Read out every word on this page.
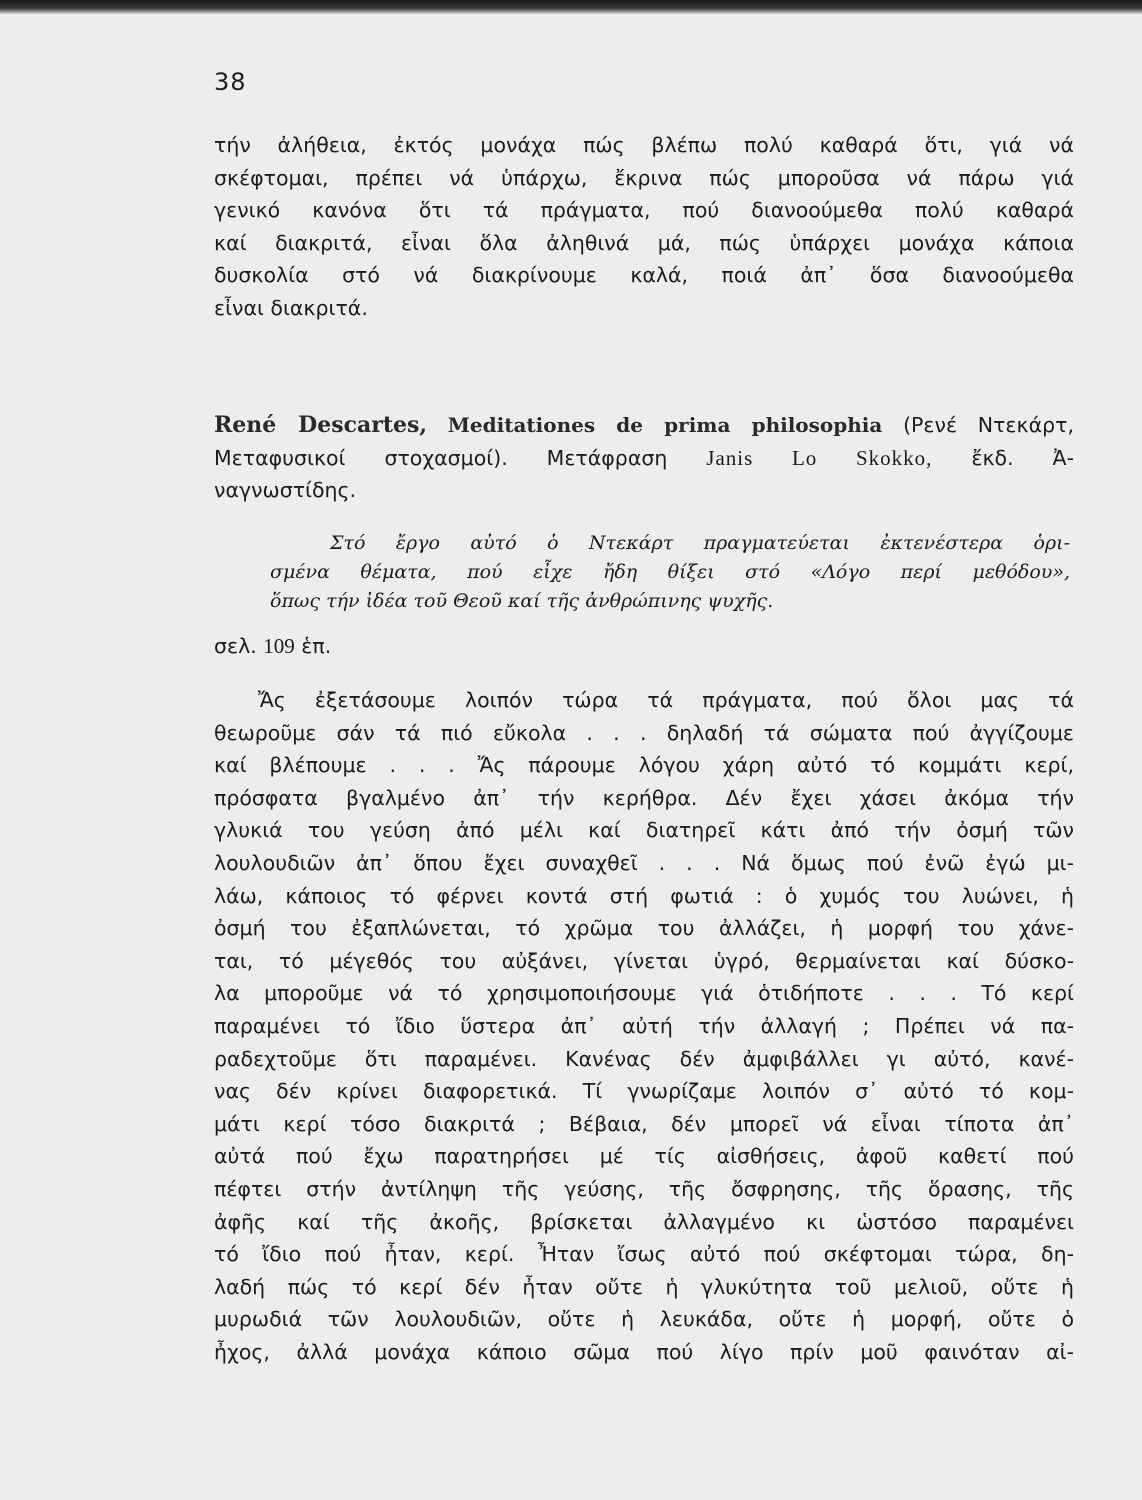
38
τήν ἀλήθεια, ἐκτός μονάχα πώς βλέπω πολύ καθαρά ὅτι, γιά νά
σκέφτομαι, πρέπει νά ὑπάρχω, ἔκρινα πώς μποροῦσα νά πάρω γιά
γενικό κανόνα ὅτι τά πράγματα, πού διανοούμεθα πολύ καθαρά
καί διακριτά, εἶναι ὅλα ἀληθινά μά, πώς ὑπάρχει μονάχα κάποια
δυσκολία στό νά διακρίνουμε καλά, ποιά ἀπ᾽ ὅσα διανοούμεθα
εἶναι διακριτά.
René Descartes, Meditationes de prima philosophia (Ρενέ Ντεκάρτ,
Μεταφυσικοί στοχασμοί). Μετάφραση Janis Lo Skokko, ἔκδ. Ἀ-
ναγνωστίδης.
Στό ἔργο αὐτό ὁ Ντεκάρτ πραγματεύεται ἐκτενέστερα ὁρι-
σμένα θέματα, πού εἶχε ἤδη θίξει στό «Λόγο περί μεθόδου»,
ὅπως τήν ἰδέα τοῦ Θεοῦ καί τῆς ἀνθρώπινης ψυχῆς.
σελ. 109 ἑπ.
Ἄς ἐξετάσουμε λοιπόν τώρα τά πράγματα, πού ὅλοι μας τά
θεωροῦμε σάν τά πιό εὔκολα . . . δηλαδή τά σώματα πού ἀγγίζουμε
καί βλέπουμε . . . Ἄς πάρουμε λόγου χάρη αὐτό τό κομμάτι κερί,
πρόσφατα βγαλμένο ἀπ᾽ τήν κερήθρα. Δέν ἔχει χάσει ἀκόμα τήν
γλυκιά του γεύση ἀπό μέλι καί διατηρεῖ κάτι ἀπό τήν ὀσμή τῶν
λουλουδιῶν ἀπ᾽ ὅπου ἔχει συναχθεῖ . . . Νά ὅμως πού ἐνῶ ἐγώ μι-
λάω, κάποιος τό φέρνει κοντά στή φωτιά : ὁ χυμός του λυώνει, ἡ
ὀσμή του ἐξαπλώνεται, τό χρῶμα του ἀλλάζει, ἡ μορφή του χάνε-
ται, τό μέγεθός του αὐξάνει, γίνεται ὑγρό, θερμαίνεται καί δύσκο-
λα μποροῦμε νά τό χρησιμοποιήσουμε γιά ὁτιδήποτε . . . Τό κερί
παραμένει τό ἴδιο ὕστερα ἀπ᾽ αὐτή τήν ἀλλαγή ; Πρέπει νά πα-
ραδεχτοῦμε ὅτι παραμένει. Κανένας δέν ἀμφιβάλλει γι αὐτό, κανέ-
νας δέν κρίνει διαφορετικά. Τί γνωρίζαμε λοιπόν σ᾽ αὐτό τό κομ-
μάτι κερί τόσο διακριτά ; Βέβαια, δέν μπορεῖ νά εἶναι τίποτα ἀπ᾽
αὐτά πού ἔχω παρατηρήσει μέ τίς αἰσθήσεις, ἀφοῦ καθετί πού
πέφτει στήν ἀντίληψη τῆς γεύσης, τῆς ὄσφρησης, τῆς ὅρασης, τῆς
ἀφῆς καί τῆς ἀκοῆς, βρίσκεται ἀλλαγμένο κι ὡστόσο παραμένει
τό ἴδιο πού ἦταν, κερί. Ἦταν ἴσως αὐτό πού σκέφτομαι τώρα, δη-
λαδή πώς τό κερί δέν ἦταν οὔτε ἡ γλυκύτητα τοῦ μελιοῦ, οὔτε ἡ
μυρωδιά τῶν λουλουδιῶν, οὔτε ἡ λευκάδα, οὔτε ἡ μορφή, οὔτε ὁ
ἦχος, ἀλλά μονάχα κάποιο σῶμα πού λίγο πρίν μοῦ φαινόταν αἰ-
